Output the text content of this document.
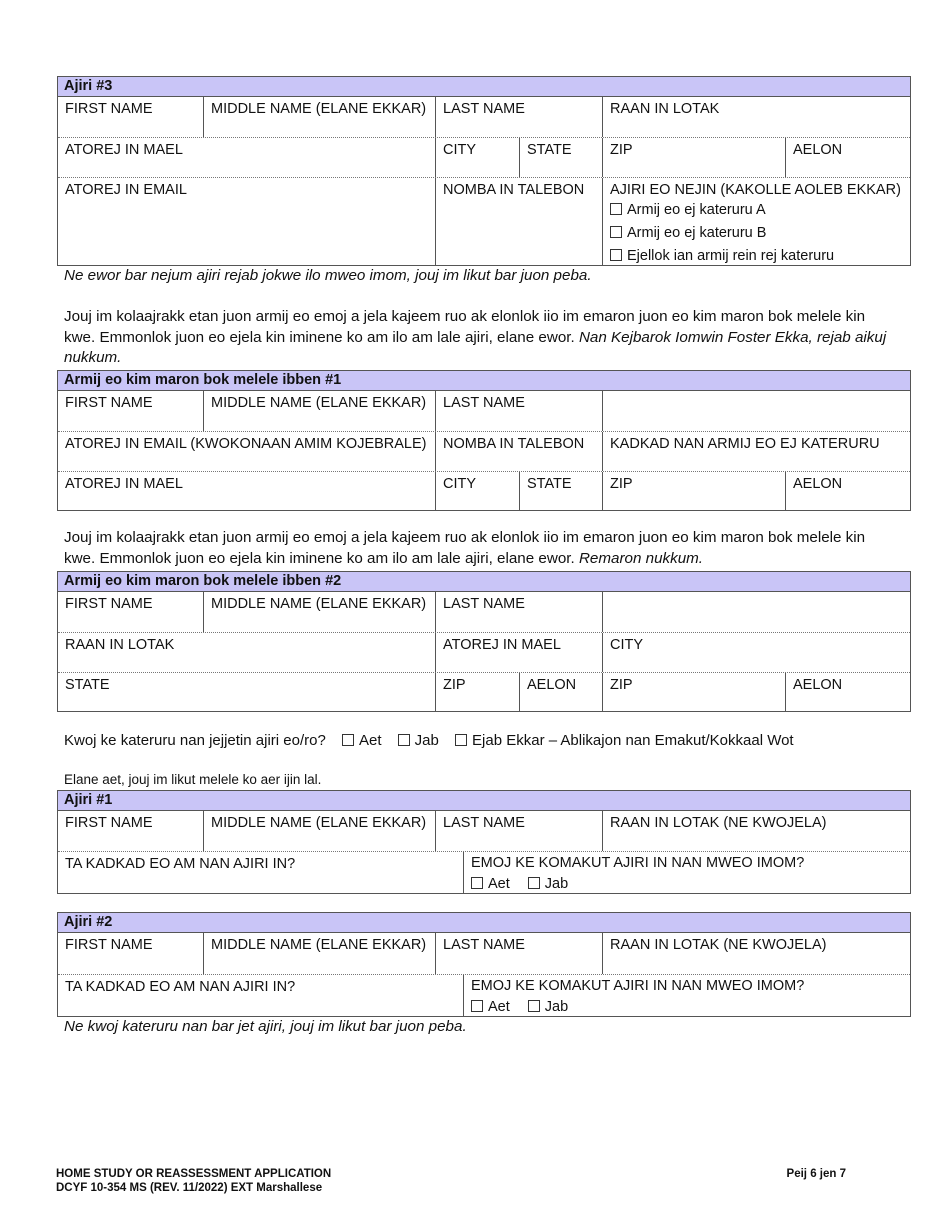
Ajiri #3
FIRST NAME	MIDDLE NAME (ELANE EKKAR)	LAST NAME	RAAN IN LOTAK
ATOREJ IN MAEL	CITY	STATE	ZIP	AELON
ATOREJ IN EMAIL	NOMBA IN TALEBON	AJIRI EO NEJIN (KAKOLLE AOLEB EKKAR)
Armij eo ej kateruru A
Armij eo ej kateruru B
Ejellok ian armij rein rej kateruru
Ne ewor bar nejum ajiri rejab jokwe ilo mweo imom, jouj im likut bar juon peba.
Jouj im kolaajrakk etan juon armij eo emoj a jela kajeem ruo ak elonlok iio im emaron juon eo kim maron bok melele kin kwe. Emmonlok juon eo ejela kin iminene ko am ilo am lale ajiri, elane ewor. Nan Kejbarok Iomwin Foster Ekka, rejab aikuj nukkum.
Armij eo kim maron bok melele ibben #1
FIRST NAME	MIDDLE NAME (ELANE EKKAR)	LAST NAME
ATOREJ IN EMAIL (KWOKONAAN AMIM KOJEBRALE)	NOMBA IN TALEBON	KADKAD NAN ARMIJ EO EJ KATERURU
ATOREJ IN MAEL	CITY	STATE	ZIP	AELON
Jouj im kolaajrakk etan juon armij eo emoj a jela kajeem ruo ak elonlok iio im emaron juon eo kim maron bok melele kin kwe. Emmonlok juon eo ejela kin iminene ko am ilo am lale ajiri, elane ewor. Remaron nukkum.
Armij eo kim maron bok melele ibben #2
FIRST NAME	MIDDLE NAME (ELANE EKKAR)	LAST NAME
RAAN IN LOTAK	ATOREJ IN MAEL	CITY
STATE	ZIP	AELON	ZIP	AELON
Kwoj ke kateruru nan jejjetin ajiri eo/ro? Aet Jab Ejab Ekkar – Ablikajon nan Emakut/Kokkaal Wot
Elane aet, jouj im likut melele ko aer ijin lal.
Ajiri #1
FIRST NAME	MIDDLE NAME (ELANE EKKAR)	LAST NAME	RAAN IN LOTAK (NE KWOJELA)
TA KADKAD EO AM NAN AJIRI IN?	EMOJ KE KOMAKUT AJIRI IN NAN MWEO IMOM?
Aet Jab
Ajiri #2
FIRST NAME	MIDDLE NAME (ELANE EKKAR)	LAST NAME	RAAN IN LOTAK (NE KWOJELA)
TA KADKAD EO AM NAN AJIRI IN?	EMOJ KE KOMAKUT AJIRI IN NAN MWEO IMOM?
Aet Jab
Ne kwoj kateruru nan bar jet ajiri, jouj im likut bar juon peba.
HOME STUDY OR REASSESSMENT APPLICATION
DCYF 10-354 MS (REV. 11/2022) EXT Marshallese
Peij 6 jen 7
